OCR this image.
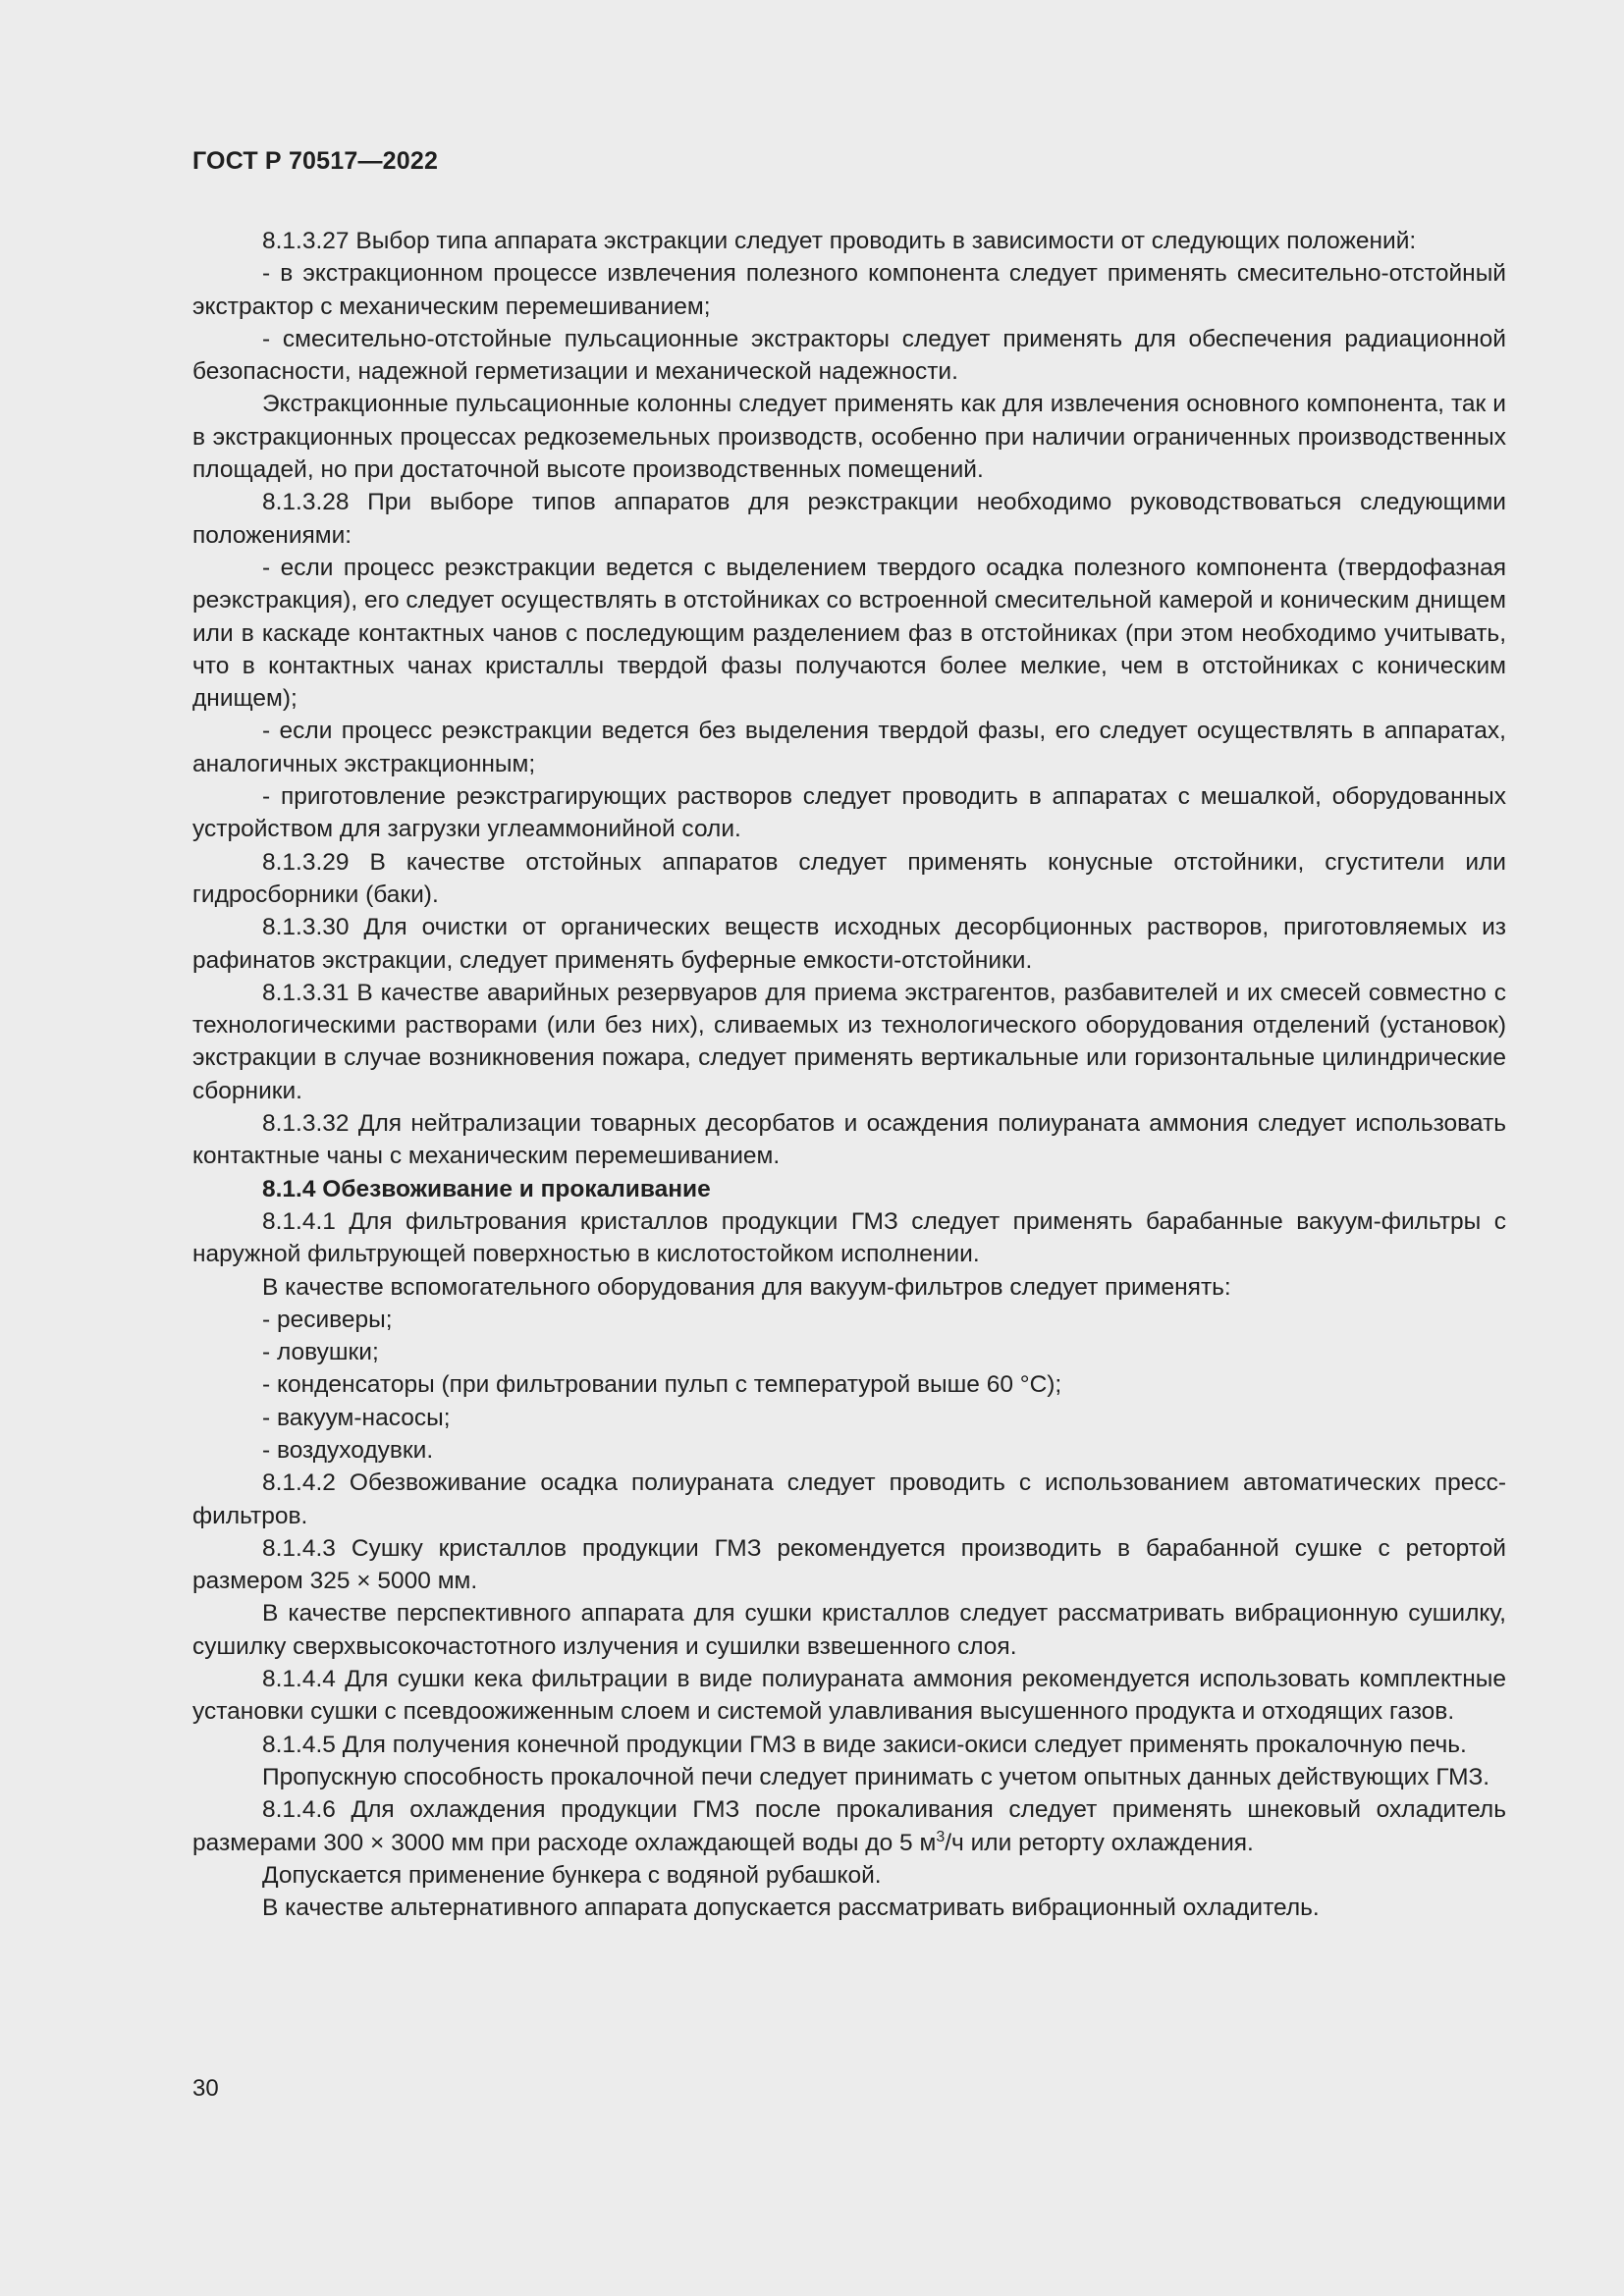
ГОСТ Р 70517—2022

8.1.3.27 Выбор типа аппарата экстракции следует проводить в зависимости от следующих положений:

- в экстракционном процессе извлечения полезного компонента следует применять смесительно-отстойный экстрактор с механическим перемешиванием;

- смесительно-отстойные пульсационные экстракторы следует применять для обеспечения радиационной безопасности, надежной герметизации и механической надежности.

Экстракционные пульсационные колонны следует применять как для извлечения основного компонента, так и в экстракционных процессах редкоземельных производств, особенно при наличии ограниченных производственных площадей, но при достаточной высоте производственных помещений.

8.1.3.28 При выборе типов аппаратов для реэкстракции необходимо руководствоваться следующими положениями:

- если процесс реэкстракции ведется с выделением твердого осадка полезного компонента (твердофазная реэкстракция), его следует осуществлять в отстойниках со встроенной смесительной камерой и коническим днищем или в каскаде контактных чанов с последующим разделением фаз в отстойниках (при этом необходимо учитывать, что в контактных чанах кристаллы твердой фазы получаются более мелкие, чем в отстойниках с коническим днищем);

- если процесс реэкстракции ведется без выделения твердой фазы, его следует осуществлять в аппаратах, аналогичных экстракционным;

- приготовление реэкстрагирующих растворов следует проводить в аппаратах с мешалкой, оборудованных устройством для загрузки углеаммонийной соли.

8.1.3.29 В качестве отстойных аппаратов следует применять конусные отстойники, сгустители или гидросборники (баки).

8.1.3.30 Для очистки от органических веществ исходных десорбционных растворов, приготовляемых из рафинатов экстракции, следует применять буферные емкости-отстойники.

8.1.3.31 В качестве аварийных резервуаров для приема экстрагентов, разбавителей и их смесей совместно с технологическими растворами (или без них), сливаемых из технологического оборудования отделений (установок) экстракции в случае возникновения пожара, следует применять вертикальные или горизонтальные цилиндрические сборники.

8.1.3.32 Для нейтрализации товарных десорбатов и осаждения полиураната аммония следует использовать контактные чаны с механическим перемешиванием.

8.1.4 Обезвоживание и прокаливание

8.1.4.1 Для фильтрования кристаллов продукции ГМЗ следует применять барабанные вакуум-фильтры с наружной фильтрующей поверхностью в кислотостойком исполнении.

В качестве вспомогательного оборудования для вакуум-фильтров следует применять:

- ресиверы;

- ловушки;

- конденсаторы (при фильтровании пульп с температурой выше 60 °С);

- вакуум-насосы;

- воздуходувки.

8.1.4.2 Обезвоживание осадка полиураната следует проводить с использованием автоматических пресс-фильтров.

8.1.4.3 Сушку кристаллов продукции ГМЗ рекомендуется производить в барабанной сушке с ретортой размером 325 × 5000 мм.

В качестве перспективного аппарата для сушки кристаллов следует рассматривать вибрационную сушилку, сушилку сверхвысокочастотного излучения и сушилки взвешенного слоя.

8.1.4.4 Для сушки кека фильтрации в виде полиураната аммония рекомендуется использовать комплектные установки сушки с псевдоожиженным слоем и системой улавливания высушенного продукта и отходящих газов.

8.1.4.5 Для получения конечной продукции ГМЗ в виде закиси-окиси следует применять прокалочную печь.

Пропускную способность прокалочной печи следует принимать с учетом опытных данных действующих ГМЗ.

8.1.4.6 Для охлаждения продукции ГМЗ после прокаливания следует применять шнековый охладитель размерами 300 × 3000 мм при расходе охлаждающей воды до 5 $м^3/ч$ или реторту охлаждения.

Допускается применение бункера с водяной рубашкой.

В качестве альтернативного аппарата допускается рассматривать вибрационный охладитель.

30
